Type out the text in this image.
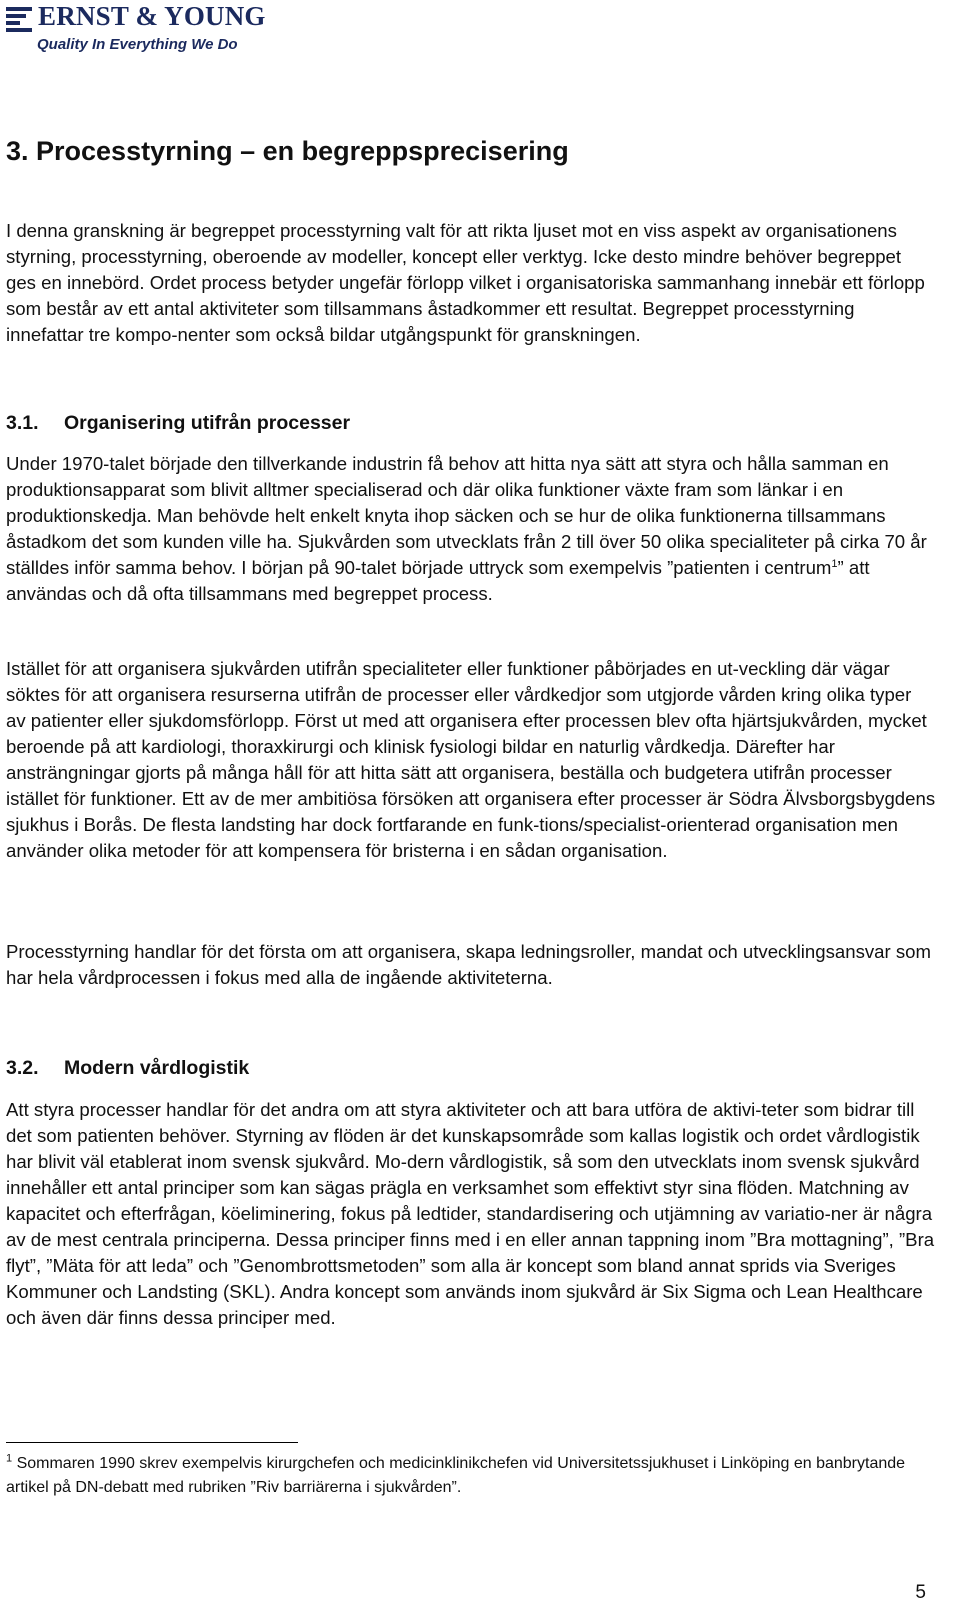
ERNST & YOUNG
Quality In Everything We Do
3. Processtyrning – en begreppsprecisering

I denna granskning är begreppet processtyrning valt för att rikta ljuset mot en viss aspekt av organisationens styrning, processtyrning, oberoende av modeller, koncept eller verktyg. Icke desto mindre behöver begreppet ges en innebörd. Ordet process betyder ungefär förlopp vilket i organisatoriska sammanhang innebär ett förlopp som består av ett antal aktiviteter som tillsammans åstadkommer ett resultat. Begreppet processtyrning innefattar tre kompo-nenter som också bildar utgångspunkt för granskningen.

3.1. Organisering utifrån processer

Under 1970-talet började den tillverkande industrin få behov att hitta nya sätt att styra och hålla samman en produktionsapparat som blivit alltmer specialiserad och där olika funktioner växte fram som länkar i en produktionskedja. Man behövde helt enkelt knyta ihop säcken och se hur de olika funktionerna tillsammans åstadkom det som kunden ville ha. Sjukvården som utvecklats från 2 till över 50 olika specialiteter på cirka 70 år ställdes inför samma behov. I början på 90-talet började uttryck som exempelvis ”patienten i centrum$^1$” att användas och då ofta tillsammans med begreppet process.

Istället för att organisera sjukvården utifrån specialiteter eller funktioner påbörjades en ut-veckling där vägar söktes för att organisera resurserna utifrån de processer eller vårdkedjor som utgjorde vården kring olika typer av patienter eller sjukdomsförlopp. Först ut med att organisera efter processen blev ofta hjärtsjukvården, mycket beroende på att kardiologi, thoraxkirurgi och klinisk fysiologi bildar en naturlig vårdkedja. Därefter har ansträngningar gjorts på många håll för att hitta sätt att organisera, beställa och budgetera utifrån processer istället för funktioner. Ett av de mer ambitiösa försöken att organisera efter processer är Södra Älvsborgsbygdens sjukhus i Borås. De flesta landsting har dock fortfarande en funk-tions/specialist-orienterad organisation men använder olika metoder för att kompensera för bristerna i en sådan organisation.

Processtyrning handlar för det första om att organisera, skapa ledningsroller, mandat och utvecklingsansvar som har hela vårdprocessen i fokus med alla de ingående aktiviteterna.

3.2. Modern vårdlogistik

Att styra processer handlar för det andra om att styra aktiviteter och att bara utföra de aktivi-teter som bidrar till det som patienten behöver. Styrning av flöden är det kunskapsområde som kallas logistik och ordet vårdlogistik har blivit väl etablerat inom svensk sjukvård. Mo-dern vårdlogistik, så som den utvecklats inom svensk sjukvård innehåller ett antal principer som kan sägas prägla en verksamhet som effektivt styr sina flöden. Matchning av kapacitet och efterfrågan, köeliminering, fokus på ledtider, standardisering och utjämning av variatio-ner är några av de mest centrala principerna. Dessa principer finns med i en eller annan tappning inom ”Bra mottagning”, ”Bra flyt”, ”Mäta för att leda” och ”Genombrottsmetoden” som alla är koncept som bland annat sprids via Sveriges Kommuner och Landsting (SKL). Andra koncept som används inom sjukvård är Six Sigma och Lean Healthcare och även där finns dessa principer med.

$^1$ Sommaren 1990 skrev exempelvis kirurgchefen och medicinklinikchefen vid Universitetssjukhuset i Linköping en banbrytande artikel på DN-debatt med rubriken ”Riv barriärerna i sjukvården”.

5
